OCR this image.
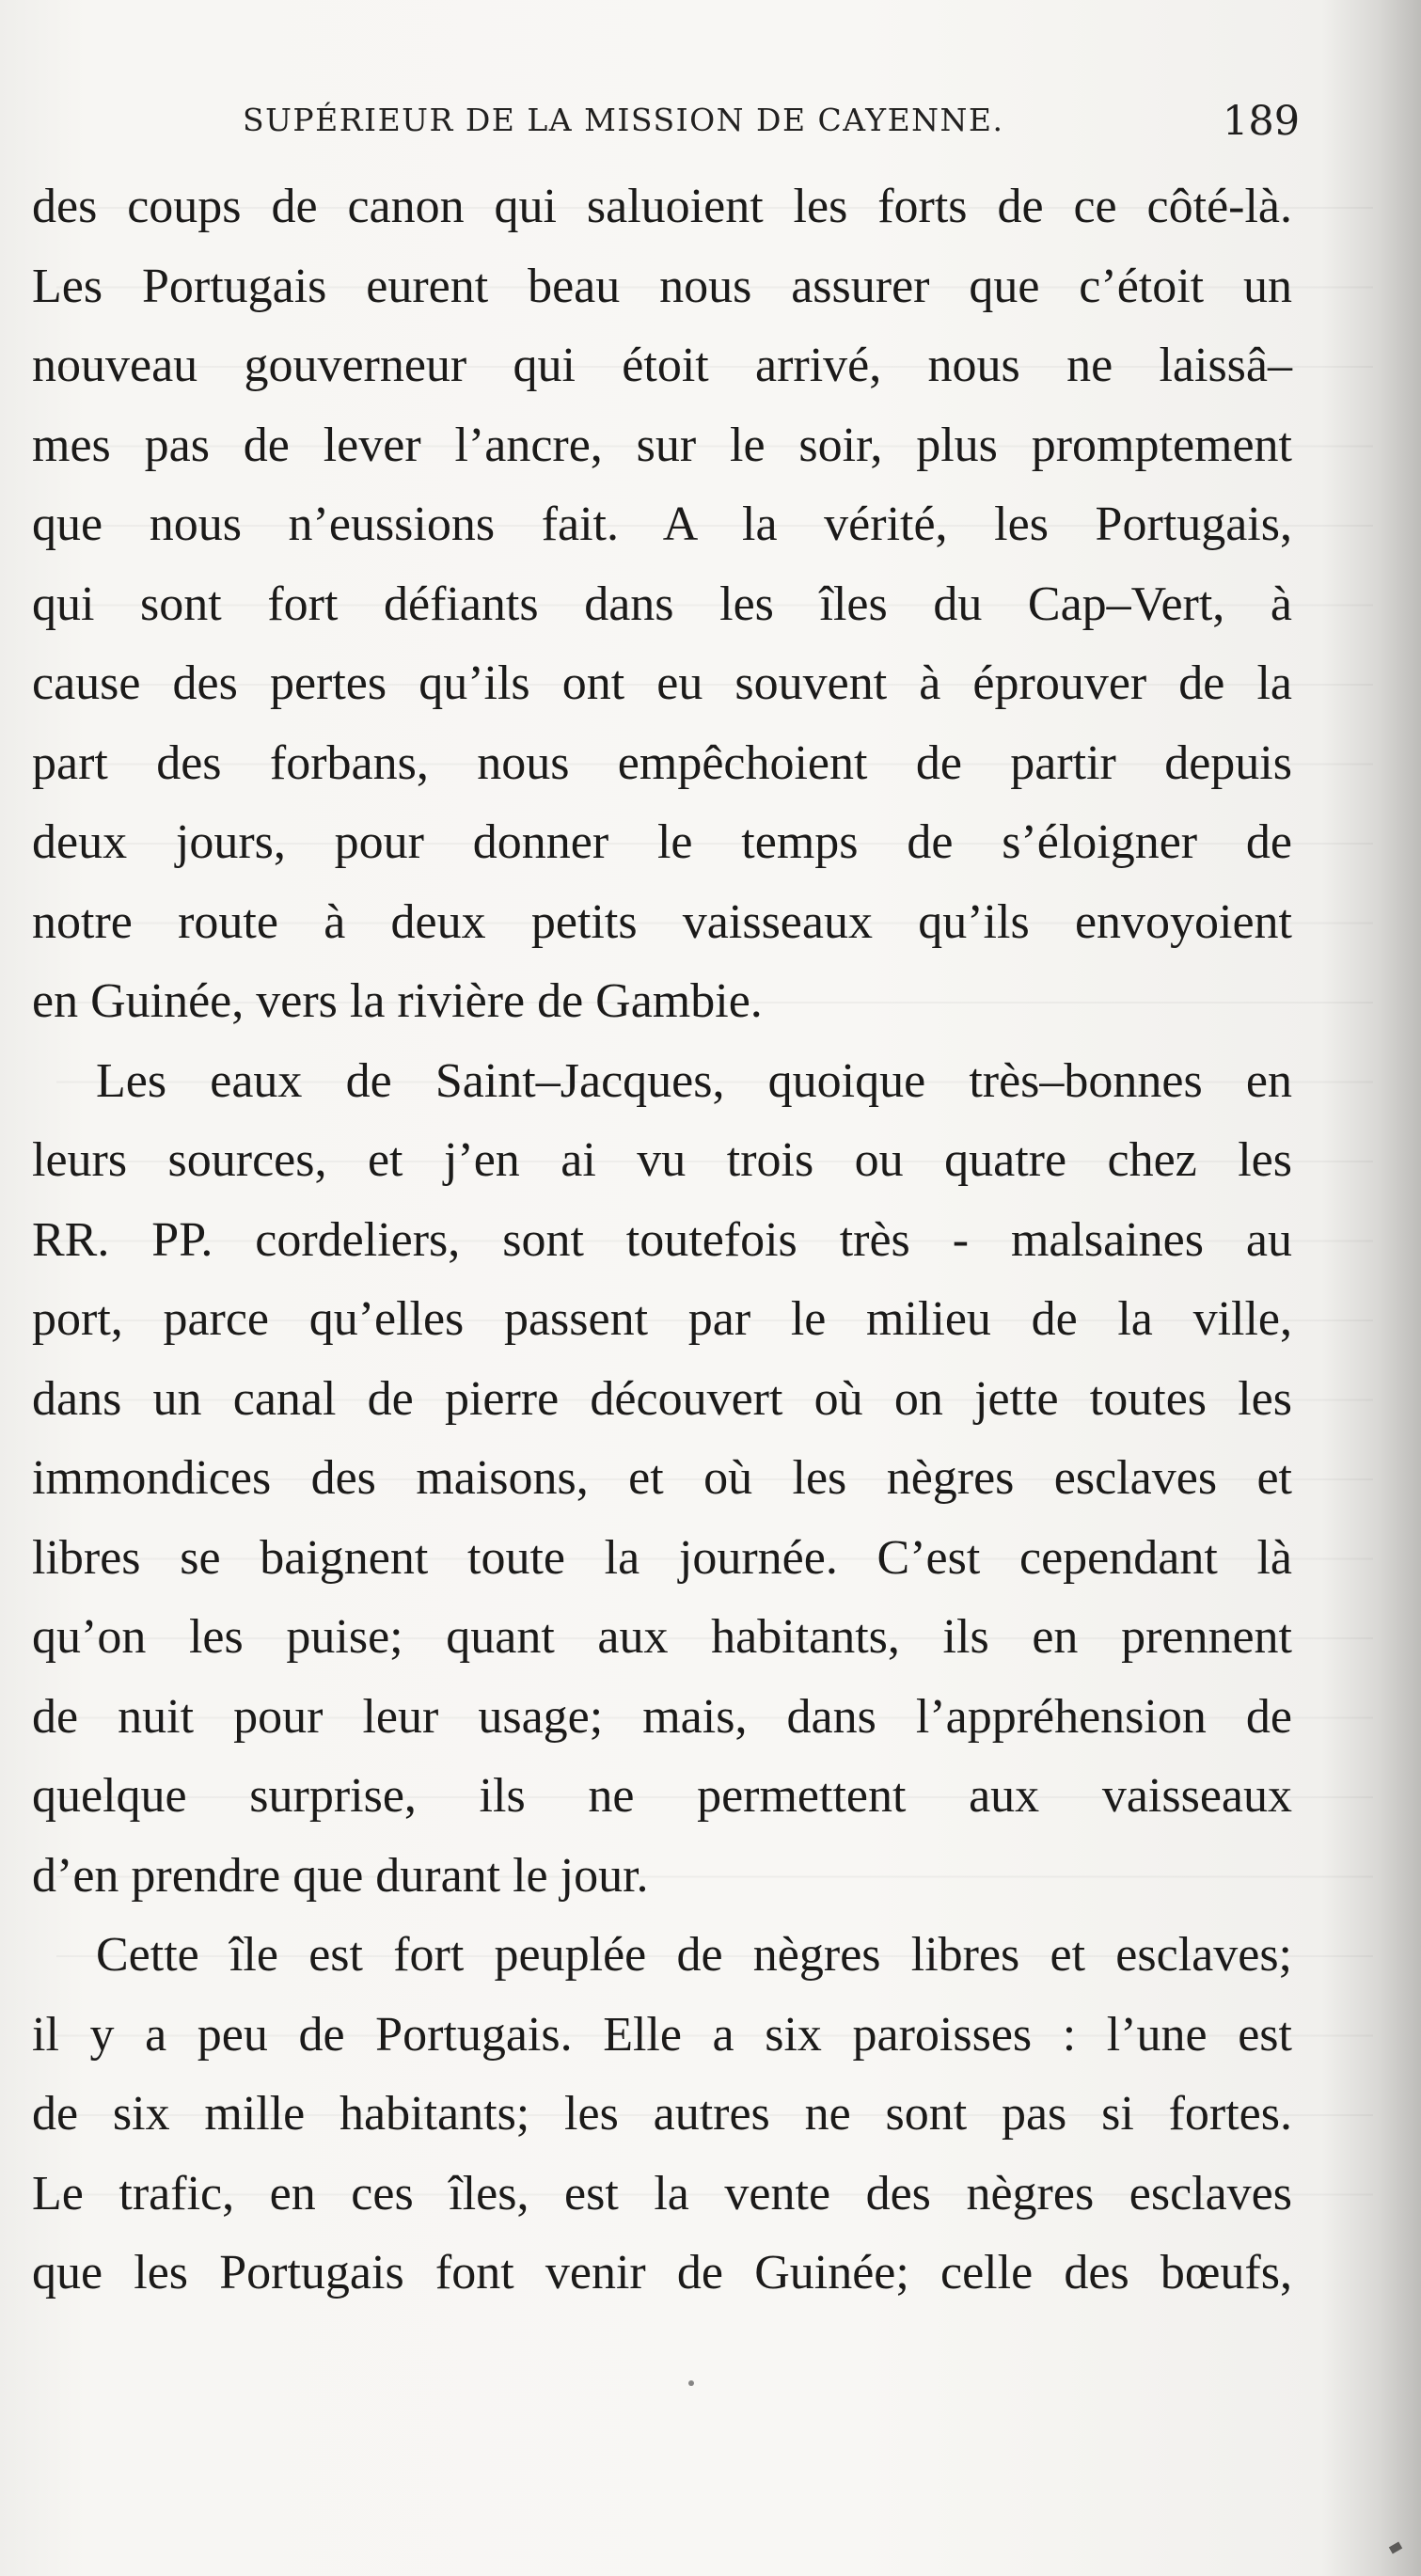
SUPÉRIEUR DE LA MISSION DE CAYENNE.	189
des coups de canon qui saluoient les forts de ce côté-là.
Les Portugais eurent beau nous assurer que c’étoit un
nouveau gouverneur qui étoit arrivé, nous ne laissâ–
mes pas de lever l’ancre, sur le soir, plus promptement
que nous n’eussions fait. A la vérité, les Portugais,
qui sont fort défiants dans les îles du Cap–Vert, à
cause des pertes qu’ils ont eu souvent à éprouver de la
part des forbans, nous empêchoient de partir depuis
deux jours, pour donner le temps de s’éloigner de
notre route à deux petits vaisseaux qu’ils envoyoient
en Guinée, vers la rivière de Gambie.
Les eaux de Saint–Jacques, quoique très–bonnes en
leurs sources, et j’en ai vu trois ou quatre chez les
RR. PP. cordeliers, sont toutefois très - malsaines au
port, parce qu’elles passent par le milieu de la ville,
dans un canal de pierre découvert où on jette toutes les
immondices des maisons, et où les nègres esclaves et
libres se baignent toute la journée. C’est cependant là
qu’on les puise; quant aux habitants, ils en prennent
de nuit pour leur usage; mais, dans l’appréhension de
quelque surprise, ils ne permettent aux vaisseaux
d’en prendre que durant le jour.
Cette île est fort peuplée de nègres libres et esclaves;
il y a peu de Portugais. Elle a six paroisses : l’une est
de six mille habitants; les autres ne sont pas si fortes.
Le trafic, en ces îles, est la vente des nègres esclaves
que les Portugais font venir de Guinée; celle des bœufs,
